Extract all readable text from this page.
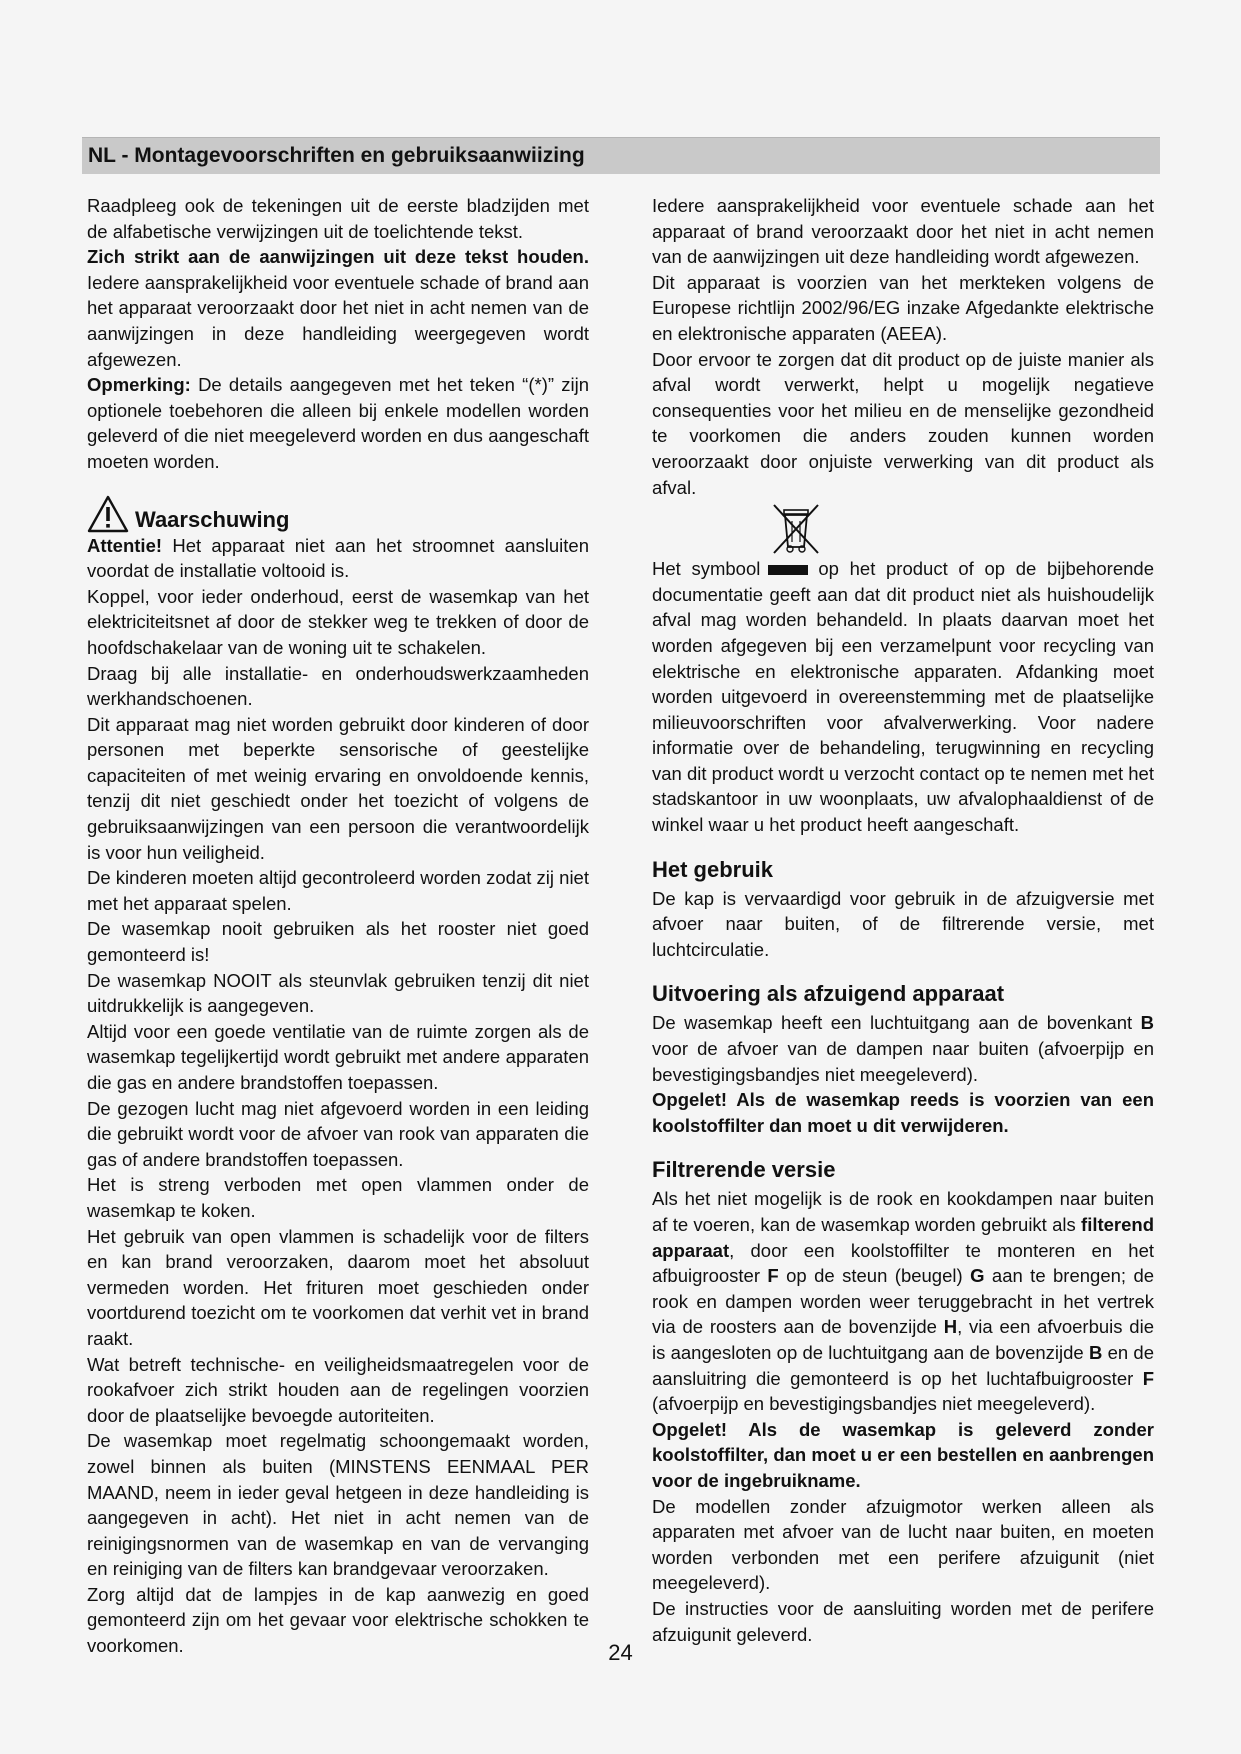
NL - Montagevoorschriften en gebruiksaanwiizing

Raadpleeg ook de tekeningen uit de eerste bladzijden met de alfabetische verwijzingen uit de toelichtende tekst.

Zich strikt aan de aanwijzingen uit deze tekst houden. Iedere aansprakelijkheid voor eventuele schade of brand aan het apparaat veroorzaakt door het niet in acht nemen van de aanwijzingen in deze handleiding weergegeven wordt afgewezen.

Opmerking: De details aangegeven met het teken “(*)” zijn optionele toebehoren die alleen bij enkele modellen worden geleverd of die niet meegeleverd worden en dus aangeschaft moeten worden.

Waarschuwing

Attentie! Het apparaat niet aan het stroomnet aansluiten voordat de installatie voltooid is.

Koppel, voor ieder onderhoud, eerst de wasemkap van het elektriciteitsnet af door de stekker weg te trekken of door de hoofdschakelaar van de woning uit te schakelen.

Draag bij alle installatie- en onderhoudswerkzaamheden werkhandschoenen.

Dit apparaat mag niet worden gebruikt door kinderen of door personen met beperkte sensorische of geestelijke capaciteiten of met weinig ervaring en onvoldoende kennis, tenzij dit niet geschiedt onder het toezicht of volgens de gebruiksaanwijzingen van een persoon die verantwoordelijk is voor hun veiligheid.

De kinderen moeten altijd gecontroleerd worden zodat zij niet met het apparaat spelen.

De wasemkap nooit gebruiken als het rooster niet goed gemonteerd is!

De wasemkap NOOIT als steunvlak gebruiken tenzij dit niet uitdrukkelijk is aangegeven.

Altijd voor een goede ventilatie van de ruimte zorgen als de wasemkap tegelijkertijd wordt gebruikt met andere apparaten die gas en andere brandstoffen toepassen.

De gezogen lucht mag niet afgevoerd worden in een leiding die gebruikt wordt voor de afvoer van rook van apparaten die gas of andere brandstoffen toepassen.

Het is streng verboden met open vlammen onder de wasemkap te koken.

Het gebruik van open vlammen is schadelijk voor de filters en kan brand veroorzaken, daarom moet het absoluut vermeden worden. Het frituren moet geschieden onder voortdurend toezicht om te voorkomen dat verhit vet in brand raakt.

Wat betreft technische- en veiligheidsmaatregelen voor de rookafvoer zich strikt houden aan de regelingen voorzien door de plaatselijke bevoegde autoriteiten.

De wasemkap moet regelmatig schoongemaakt worden, zowel binnen als buiten (MINSTENS EENMAAL PER MAAND, neem in ieder geval hetgeen in deze handleiding is aangegeven in acht). Het niet in acht nemen van de reinigingsnormen van de wasemkap en van de vervanging en reiniging van de filters kan brandgevaar veroorzaken.

Zorg altijd dat de lampjes in de kap aanwezig en goed gemonteerd zijn om het gevaar voor elektrische schokken te voorkomen.

Iedere aansprakelijkheid voor eventuele schade aan het apparaat of brand veroorzaakt door het niet in acht nemen van de aanwijzingen uit deze handleiding wordt afgewezen.

Dit apparaat is voorzien van het merkteken volgens de Europese richtlijn 2002/96/EG inzake Afgedankte elektrische en elektronische apparaten (AEEA).

Door ervoor te zorgen dat dit product op de juiste manier als afval wordt verwerkt, helpt u mogelijk negatieve consequenties voor het milieu en de menselijke gezondheid te voorkomen die anders zouden kunnen worden veroorzaakt door onjuiste verwerking van dit product als afval.

Het symbool	op het product of op de bijbehorende documentatie geeft aan dat dit product niet als huishoudelijk afval mag worden behandeld. In plaats daarvan moet het worden afgegeven bij een verzamelpunt voor recycling van elektrische en elektronische apparaten. Afdanking moet worden uitgevoerd in overeenstemming met de plaatselijke milieuvoorschriften voor afvalverwerking. Voor nadere informatie over de behandeling, terugwinning en recycling van dit product wordt u verzocht contact op te nemen met het stadskantoor in uw woonplaats, uw afvalophaaldienst of de winkel waar u het product heeft aangeschaft.

Het gebruik

De kap is vervaardigd voor gebruik in de afzuigversie met afvoer naar buiten, of de filtrerende versie, met luchtcirculatie.

Uitvoering als afzuigend apparaat

De wasemkap heeft een luchtuitgang aan de bovenkant B voor de afvoer van de dampen naar buiten (afvoerpijp en bevestigingsbandjes niet meegeleverd).

Opgelet! Als de wasemkap reeds is voorzien van een koolstoffilter dan moet u dit verwijderen.

Filtrerende versie

Als het niet mogelijk is de rook en kookdampen naar buiten af te voeren, kan de wasemkap worden gebruikt als filterend apparaat, door een koolstoffilter te monteren en het afbuigrooster F op de steun (beugel) G aan te brengen; de rook en dampen worden weer teruggebracht in het vertrek via de roosters aan de bovenzijde H, via een afvoerbuis die is aangesloten op de luchtuitgang aan de bovenzijde B en de aansluitring die gemonteerd is op het luchtafbuigrooster F (afvoerpijp en bevestigingsbandjes niet meegeleverd).

Opgelet! Als de wasemkap is geleverd zonder koolstoffilter, dan moet u er een bestellen en aanbrengen voor de ingebruikname.

De modellen zonder afzuigmotor werken alleen als apparaten met afvoer van de lucht naar buiten, en moeten worden verbonden met een perifere afzuigunit (niet meegeleverd).

De instructies voor de aansluiting worden met de perifere afzuigunit geleverd.

24
